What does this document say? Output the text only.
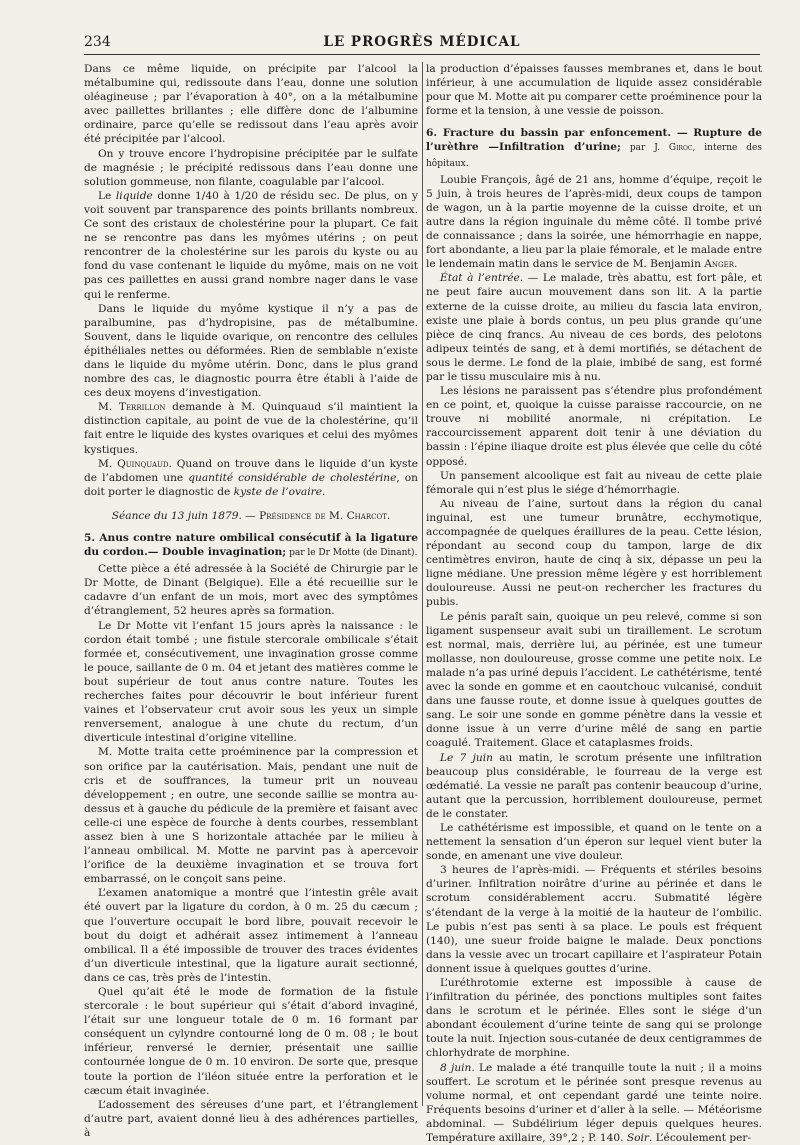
234	LE PROGRÈS MÉDICAL

Dans ce même liquide, on précipite par l’alcool la métalbumine qui, redissoute dans l’eau, donne une solution oléagineuse ; par l’évaporation à 40°, on a la métalbumine avec paillettes brillantes ; elle diffère donc de l’albumine ordinaire, parce qu’elle se redissout dans l’eau après avoir été précipitée par l’alcool.

On y trouve encore l’hydropisine précipitée par le sulfate de magnésie ; le précipité redissous dans l’eau donne une solution gommeuse, non filante, coagulable par l’alcool.

Le liquide donne 1/40 à 1/20 de résidu sec. De plus, on y voit souvent par transparence des points brillants nombreux. Ce sont des cristaux de cholestérine pour la plupart. Ce fait ne se rencontre pas dans les myômes utérins ; on peut rencontrer de la cholestérine sur les parois du kyste ou au fond du vase contenant le liquide du myôme, mais on ne voit pas ces paillettes en aussi grand nombre nager dans le vase qui le renferme.

Dans le liquide du myôme kystique il n’y a pas de paralbumine, pas d’hydropisine, pas de métalbumine. Souvent, dans le liquide ovarique, on rencontre des cellules épithéliales nettes ou déformées. Rien de semblable n’existe dans le liquide du myôme utérin. Donc, dans le plus grand nombre des cas, le diagnostic pourra être établi à l’aide de ces deux moyens d’investigation.

M. Terrillon demande à M. Quinquaud s’il maintient la distinction capitale, au point de vue de la cholestérine, qu’il fait entre le liquide des kystes ovariques et celui des myômes kystiques.

M. Quinquaud. Quand on trouve dans le liquide d’un kyste de l’abdomen une quantité considérable de cholestérine, on doit porter le diagnostic de kyste de l’ovaire.

Séance du 13 juin 1879. — Présidence de M. Charcot.

5. Anus contre nature ombilical consécutif à la ligature du cordon.— Double invagination; par le Dr Motte (de Dinant).

Cette pièce a été adressée à la Société de Chirurgie par le Dr Motte, de Dinant (Belgique). Elle a été recueillie sur le cadavre d’un enfant de un mois, mort avec des symptômes d’étranglement, 52 heures après sa formation.

Le Dr Motte vit l’enfant 15 jours après la naissance : le cordon était tombé ; une fistule stercorale ombilicale s’était formée et, consécutivement, une invagination grosse comme le pouce, saillante de 0 m. 04 et jetant des matières comme le bout supérieur de tout anus contre nature. Toutes les recherches faites pour découvrir le bout inférieur furent vaines et l’observateur crut avoir sous les yeux un simple renversement, analogue à une chute du rectum, d’un diverticule intestinal d’origine vitelline.

M. Motte traita cette proéminence par la compression et son orifice par la cautérisation. Mais, pendant une nuit de cris et de souffrances, la tumeur prit un nouveau développement ; en outre, une seconde saillie se montra au-dessus et à gauche du pédicule de la première et faisant avec celle-ci une espèce de fourche à dents courbes, ressemblant assez bien à une S horizontale attachée par le milieu à l’anneau ombilical. M. Motte ne parvint pas à apercevoir l’orifice de la deuxième invagination et se trouva fort embarrassé, on le conçoit sans peine.

L’examen anatomique a montré que l’intestin grêle avait été ouvert par la ligature du cordon, à 0 m. 25 du cæcum ; que l’ouverture occupait le bord libre, pouvait recevoir le bout du doigt et adhérait assez intimement à l’anneau ombilical. Il a été impossible de trouver des traces évidentes d’un diverticule intestinal, que la ligature aurait sectionné, dans ce cas, très près de l’intestin.

Quel qu’ait été le mode de formation de la fistule stercorale : le bout supérieur qui s’était d’abord invaginé, l’était sur une longueur totale de 0 m. 16 formant par conséquent un cylyndre contourné long de 0 m. 08 ; le bout inférieur, renversé le dernier, présentait une saillie contournée longue de 0 m. 10 environ. De sorte que, presque toute la portion de l’iléon située entre la perforation et le cæcum était invaginée.

L’adossement des séreuses d’une part, et l’étranglement d’autre part, avaient donné lieu à des adhérences partielles, à

la production d’épaisses fausses membranes et, dans le bout inférieur, à une accumulation de liquide assez considérable pour que M. Motte ait pu comparer cette proéminence pour la forme et la tension, à une vessie de poisson.

6. Fracture du bassin par enfoncement. — Rupture de l’urèthre —Infiltration d’urine; par J. Giroc, interne des hôpitaux.

Loubie François, âgé de 21 ans, homme d’équipe, reçoit le 5 juin, à trois heures de l’après-midi, deux coups de tampon de wagon, un à la partie moyenne de la cuisse droite, et un autre dans la région inguinale du même côté. Il tombe privé de connaissance ; dans la soirée, une hémorrhagie en nappe, fort abondante, a lieu par la plaie fémorale, et le malade entre le lendemain matin dans le service de M. Benjamin Anger.

État à l’entrée. — Le malade, très abattu, est fort pâle, et ne peut faire aucun mouvement dans son lit. A la partie externe de la cuisse droite, au milieu du fascia lata environ, existe une plaie à bords contus, un peu plus grande qu’une pièce de cinq francs. Au niveau de ces bords, des pelotons adipeux teintés de sang, et à demi mortifiés, se détachent de sous le derme. Le fond de la plaie, imbibé de sang, est formé par le tissu musculaire mis à nu.

Les lésions ne paraissent pas s’étendre plus profondément en ce point, et, quoique la cuisse paraisse raccourcie, on ne trouve ni mobilité anormale, ni crépitation. Le raccourcissement apparent doit tenir à une déviation du bassin : l’épine iliaque droite est plus élevée que celle du côté opposé.

Un pansement alcoolique est fait au niveau de cette plaie fémorale qui n’est plus le siége d’hémorrhagie.

Au niveau de l’aine, surtout dans la région du canal inguinal, est une tumeur brunâtre, ecchymotique, accompagnée de quelques éraillures de la peau. Cette lésion, répondant au second coup du tampon, large de dix centimètres environ, haute de cinq à six, dépasse un peu la ligne médiane. Une pression même légère y est horriblement douloureuse. Aussi ne peut-on rechercher les fractures du pubis.

Le pénis paraît sain, quoique un peu relevé, comme si son ligament suspenseur avait subi un tiraillement. Le scrotum est normal, mais, derrière lui, au périnée, est une tumeur mollasse, non douloureuse, grosse comme une petite noix. Le malade n’a pas uriné depuis l’accident. Le cathétérisme, tenté avec la sonde en gomme et en caoutchouc vulcanisé, conduit dans une fausse route, et donne issue à quelques gouttes de sang. Le soir une sonde en gomme pénètre dans la vessie et donne issue à un verre d’urine mêlé de sang en partie coagulé. Traitement. Glace et cataplasmes froids.

Le 7 juin au matin, le scrotum présente une infiltration beaucoup plus considérable, le fourreau de la verge est œdématié. La vessie ne paraît pas contenir beaucoup d’urine, autant que la percussion, horriblement douloureuse, permet de le constater.

Le cathétérisme est impossible, et quand on le tente on a nettement la sensation d’un éperon sur lequel vient buter la sonde, en amenant une vive douleur.

3 heures de l’après-midi. — Fréquents et stériles besoins d’uriner. Infiltration noirâtre d’urine au périnée et dans le scrotum considérablement accru. Submatité légère s’étendant de la verge à la moitié de la hauteur de l’ombilic. Le pubis n’est pas senti à sa place. Le pouls est fréquent (140), une sueur froide baigne le malade. Deux ponctions dans la vessie avec un trocart capillaire et l’aspirateur Potain donnent issue à quelques gouttes d’urine.

L’uréthrotomie externe est impossible à cause de l’infiltration du périnée, des ponctions multiples sont faites dans le scrotum et le périnée. Elles sont le siége d’un abondant écoulement d’urine teinte de sang qui se prolonge toute la nuit. Injection sous-cutanée de deux centigrammes de chlorhydrate de morphine.

8 juin. Le malade a été tranquille toute la nuit ; il a moins souffert. Le scrotum et le périnée sont presque revenus au volume normal, et ont cependant gardé une teinte noire. Fréquents besoins d’uriner et d’aller à la selle. — Météorisme abdominal. — Subdélirium léger depuis quelques heures. Température axillaire, 39°,2 ; P. 140. Soir. L’écoulement per-
